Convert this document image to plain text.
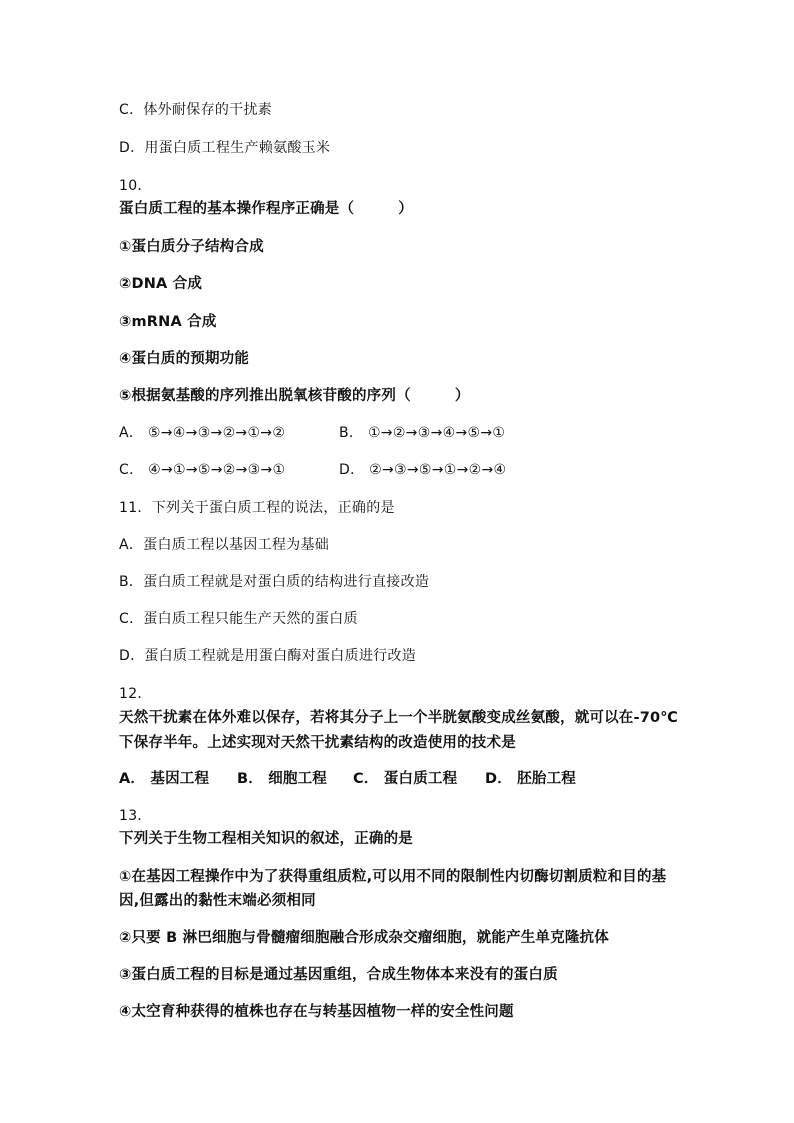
C．体外耐保存的干扰素
D．用蛋白质工程生产赖氨酸玉米
10．
蛋白质工程的基本操作程序正确是（　　　）
①蛋白质分子结构合成
②DNA 合成
③mRNA 合成
④蛋白质的预期功能
⑤根据氨基酸的序列推出脱氧核苷酸的序列（　　　）
A． ⑤→④→③→②→①→②	B． ①→②→③→④→⑤→①
C． ④→①→⑤→②→③→①	D． ②→③→⑤→①→②→④
11．下列关于蛋白质工程的说法，正确的是
A．蛋白质工程以基因工程为基础
B．蛋白质工程就是对蛋白质的结构进行直接改造
C．蛋白质工程只能生产天然的蛋白质
D．蛋白质工程就是用蛋白酶对蛋白质进行改造
12．
天然干扰素在体外难以保存，若将其分子上一个半胱氨酸变成丝氨酸，就可以在-70℃
下保存半年。上述实现对天然干扰素结构的改造使用的技术是
A． 基因工程 B． 细胞工程 C． 蛋白质工程 D． 胚胎工程
13．
下列关于生物工程相关知识的叙述，正确的是
①在基因工程操作中为了获得重组质粒,可以用不同的限制性内切酶切割质粒和目的基
因,但露出的黏性末端必须相同
②只要 B 淋巴细胞与骨髓瘤细胞融合形成杂交瘤细胞，就能产生单克隆抗体
③蛋白质工程的目标是通过基因重组，合成生物体本来没有的蛋白质
④太空育种获得的植株也存在与转基因植物一样的安全性问题
